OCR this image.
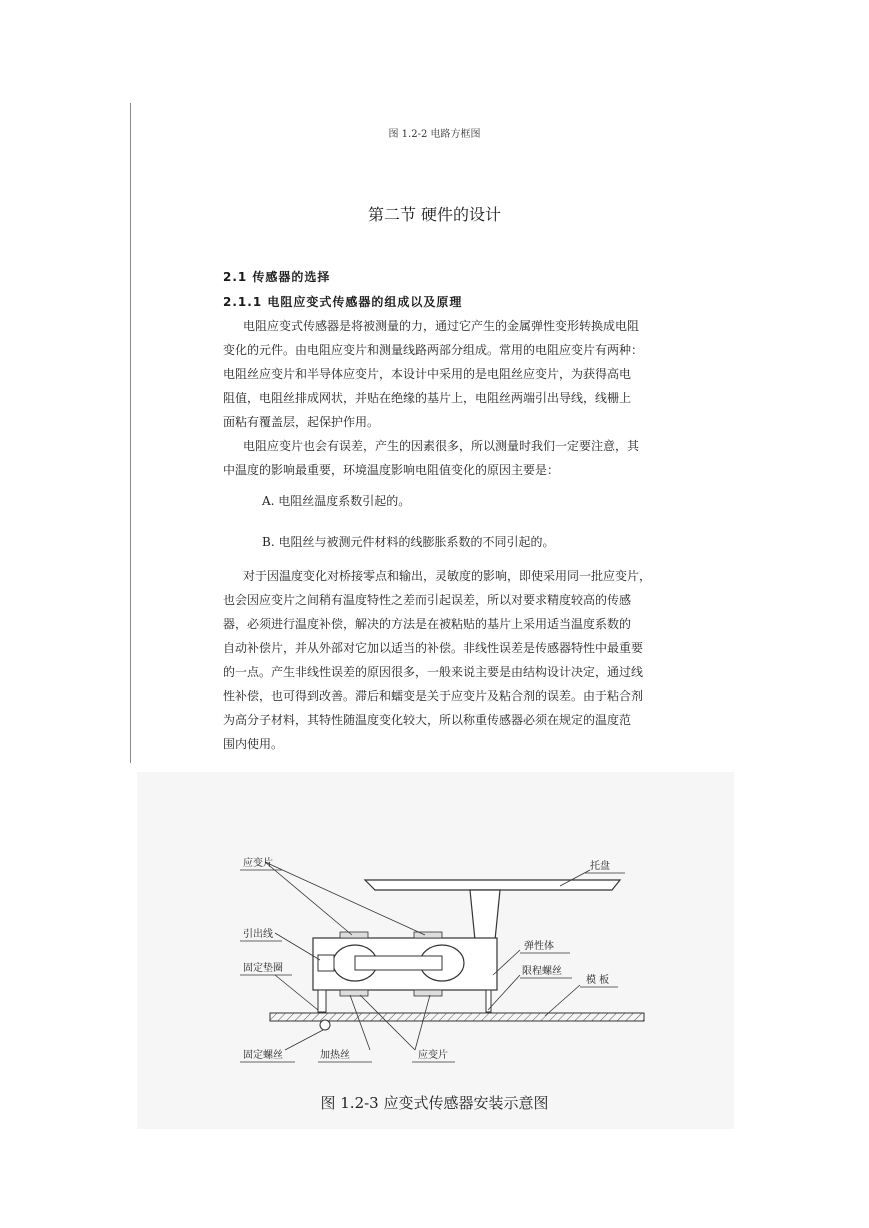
图 1.2-2 电路方框图
第二节 硬件的设计
2.1 传感器的选择
2.1.1 电阻应变式传感器的组成以及原理
电阻应变式传感器是将被测量的力，通过它产生的金属弹性变形转换成电阻
变化的元件。由电阻应变片和测量线路两部分组成。常用的电阻应变片有两种：
电阻丝应变片和半导体应变片，本设计中采用的是电阻丝应变片，为获得高电
阻值，电阻丝排成网状，并贴在绝缘的基片上，电阻丝两端引出导线，线栅上
面粘有覆盖层，起保护作用。
电阻应变片也会有误差，产生的因素很多，所以测量时我们一定要注意，其
中温度的影响最重要，环境温度影响电阻值变化的原因主要是：
A. 电阻丝温度系数引起的。
B. 电阻丝与被测元件材料的线膨胀系数的不同引起的。
对于因温度变化对桥接零点和输出，灵敏度的影响，即使采用同一批应变片，
也会因应变片之间稍有温度特性之差而引起误差，所以对要求精度较高的传感
器，必须进行温度补偿，解决的方法是在被粘贴的基片上采用适当温度系数的
自动补偿片，并从外部对它加以适当的补偿。非线性误差是传感器特性中最重要
的一点。产生非线性误差的原因很多，一般来说主要是由结构设计决定，通过线
性补偿，也可得到改善。滞后和蠕变是关于应变片及粘合剂的误差。由于粘合剂
为高分子材料，其特性随温度变化较大，所以称重传感器必须在规定的温度范
围内使用。
应变片	托盘
引出线
弹性体
固定垫圈	限程螺丝
模 板
固定螺丝	加热丝	应变片
图 1.2-3 应变式传感器安装示意图
